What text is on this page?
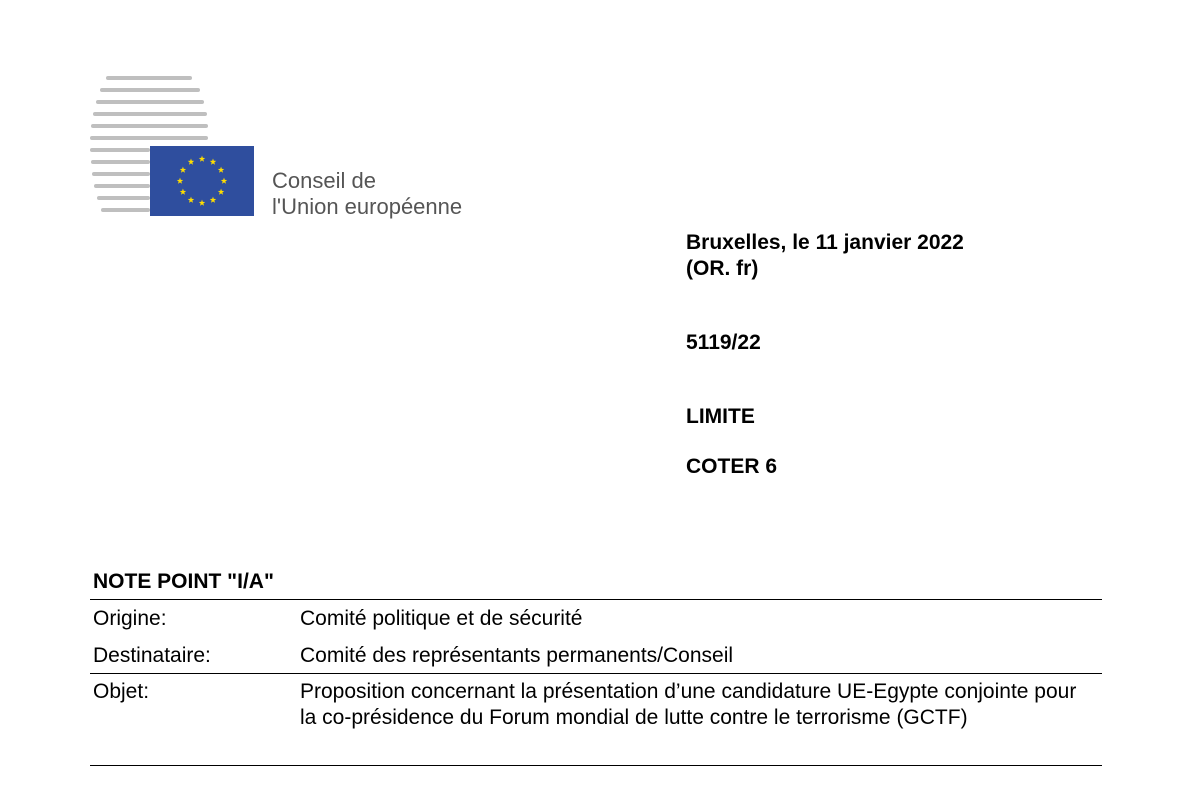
Conseil de
l'Union européenne
Bruxelles, le 11 janvier 2022
(OR. fr)
5119/22
LIMITE
COTER 6
NOTE POINT "I/A"
Origine:	Comité politique et de sécurité
Destinataire:	Comité des représentants permanents/Conseil
Objet:	Proposition concernant la présentation d’une candidature UE-Egypte conjointe pour la co-présidence du Forum mondial de lutte contre le terrorisme (GCTF)
